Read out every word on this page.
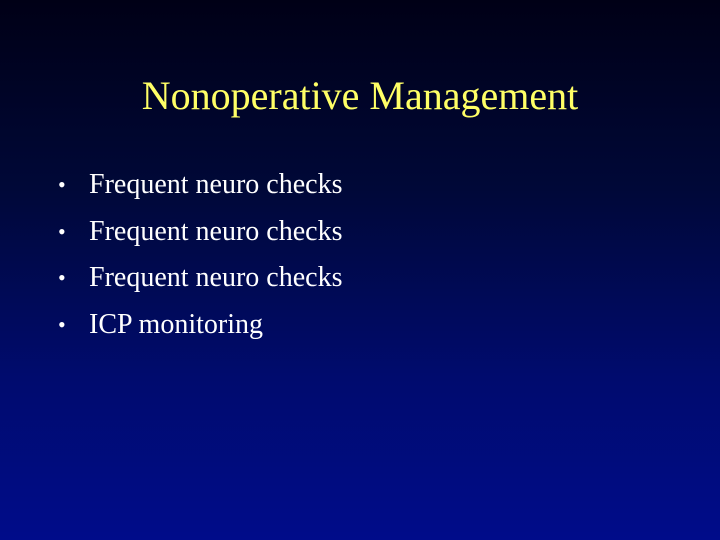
Nonoperative Management
• Frequent neuro checks
• Frequent neuro checks
• Frequent neuro checks
• ICP monitoring
